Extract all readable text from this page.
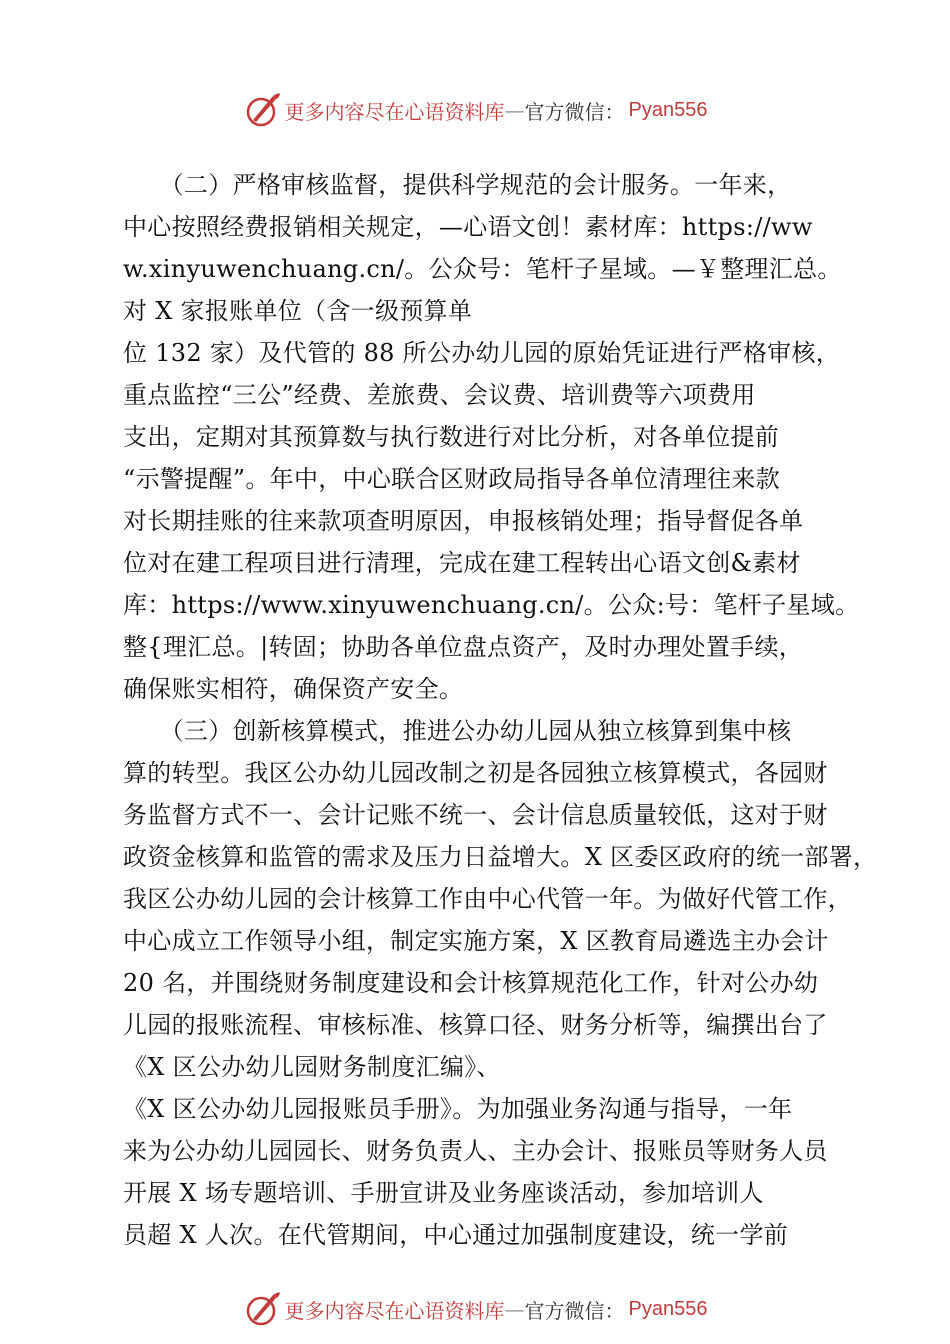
更多内容尽在心语资料库 — 官方微信： Pyan556
　　（二）严格审核监督，提供科学规范的会计服务。一年来，
中心按照经费报销相关规定，—心语文创！素材库：https://ww
w.xinyuwenchuang.cn/。公众号：笔杆子星域。—￥整理汇总。
对 X 家报账单位（含一级预算单
位 132 家）及代管的 88 所公办幼儿园的原始凭证进行严格审核，
重点监控“三公”经费、差旅费、会议费、培训费等六项费用
支出，定期对其预算数与执行数进行对比分析，对各单位提前
“示警提醒”。年中，中心联合区财政局指导各单位清理往来款
对长期挂账的往来款项查明原因，申报核销处理；指导督促各单
位对在建工程项目进行清理，完成在建工程转出心语文创&素材
库：https://www.xinyuwenchuang.cn/。公众:号：笔杆子星域。
整{理汇总。|转固；协助各单位盘点资产，及时办理处置手续，
确保账实相符，确保资产安全。
　　（三）创新核算模式，推进公办幼儿园从独立核算到集中核
算的转型。我区公办幼儿园改制之初是各园独立核算模式，各园财
务监督方式不一、会计记账不统一、会计信息质量较低，这对于财
政资金核算和监管的需求及压力日益增大。X 区委区政府的统一部署，
我区公办幼儿园的会计核算工作由中心代管一年。为做好代管工作，
中心成立工作领导小组，制定实施方案，X 区教育局遴选主办会计
20 名，并围绕财务制度建设和会计核算规范化工作，针对公办幼
儿园的报账流程、审核标准、核算口径、财务分析等，编撰出台了
《X 区公办幼儿园财务制度汇编》、
《X 区公办幼儿园报账员手册》。为加强业务沟通与指导，一年
来为公办幼儿园园长、财务负责人、主办会计、报账员等财务人员
开展 X 场专题培训、手册宣讲及业务座谈活动，参加培训人
员超 X 人次。在代管期间，中心通过加强制度建设，统一学前
更多内容尽在心语资料库 — 官方微信： Pyan556
